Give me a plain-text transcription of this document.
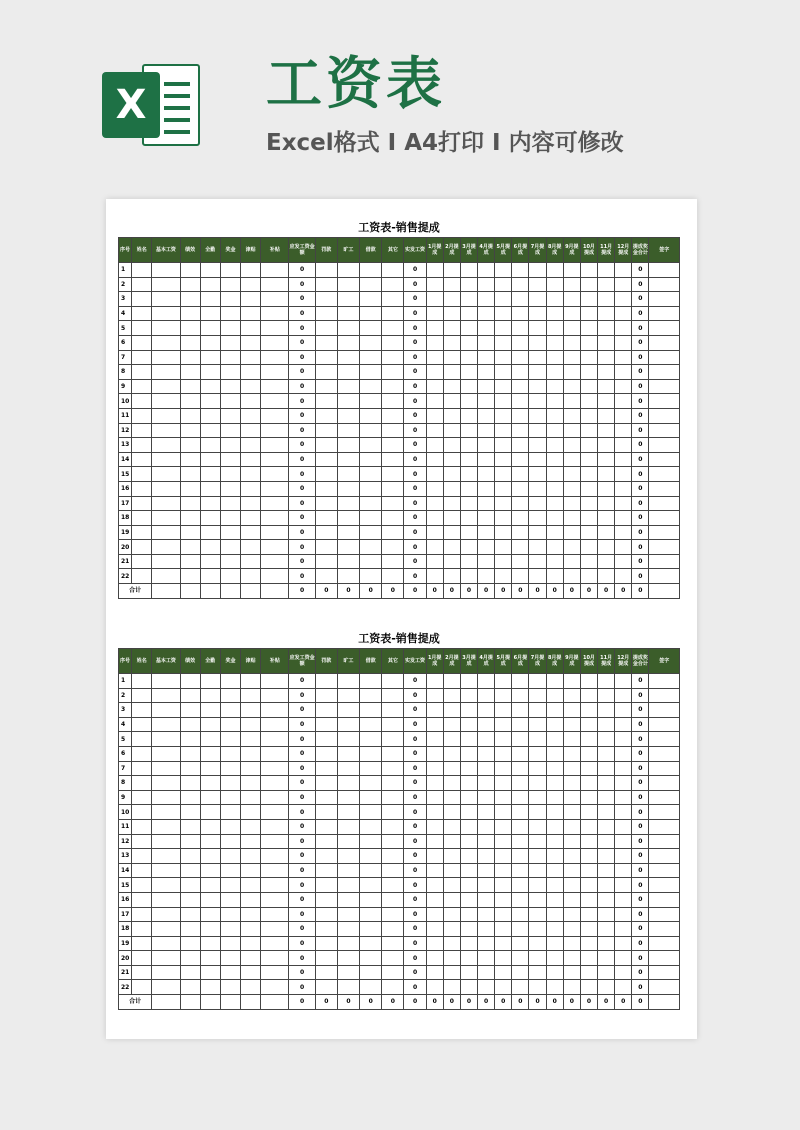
X 工资表
Excel格式 I A4打印 I 内容可修改
工资表-销售提成
序号	姓名	基本工资	绩效	全勤	奖金	津贴	补贴	应发工资金额	罚款	旷工	借款	其它	实发工资	1月提成	2月提成	3月提成	4月提成	5月提成	6月提成	7月提成	8月提成	9月提成	10月提成	11月提成	12月提成	提成奖金合计	签字
1								0					0													0	
2								0					0													0	
3								0					0													0	
4								0					0													0	
5								0					0													0	
6								0					0													0	
7								0					0													0	
8								0					0													0	
9								0					0													0	
10								0					0													0	
11								0					0													0	
12								0					0													0	
13								0					0													0	
14								0					0													0	
15								0					0													0	
16								0					0													0	
17								0					0													0	
18								0					0													0	
19								0					0													0	
20								0					0													0	
21								0					0													0	
22								0					0													0	
合计								0	0	0	0	0	0	0	0	0	0	0	0	0	0	0	0	0	0	0	
工资表-销售提成
序号	姓名	基本工资	绩效	全勤	奖金	津贴	补贴	应发工资金额	罚款	旷工	借款	其它	实发工资	1月提成	2月提成	3月提成	4月提成	5月提成	6月提成	7月提成	8月提成	9月提成	10月提成	11月提成	12月提成	提成奖金合计	签字
1								0					0													0	
2								0					0													0	
3								0					0													0	
4								0					0													0	
5								0					0													0	
6								0					0													0	
7								0					0													0	
8								0					0													0	
9								0					0													0	
10								0					0													0	
11								0					0													0	
12								0					0													0	
13								0					0													0	
14								0					0													0	
15								0					0													0	
16								0					0													0	
17								0					0													0	
18								0					0													0	
19								0					0													0	
20								0					0													0	
21								0					0													0	
22								0					0													0	
合计								0	0	0	0	0	0	0	0	0	0	0	0	0	0	0	0	0	0	0	
